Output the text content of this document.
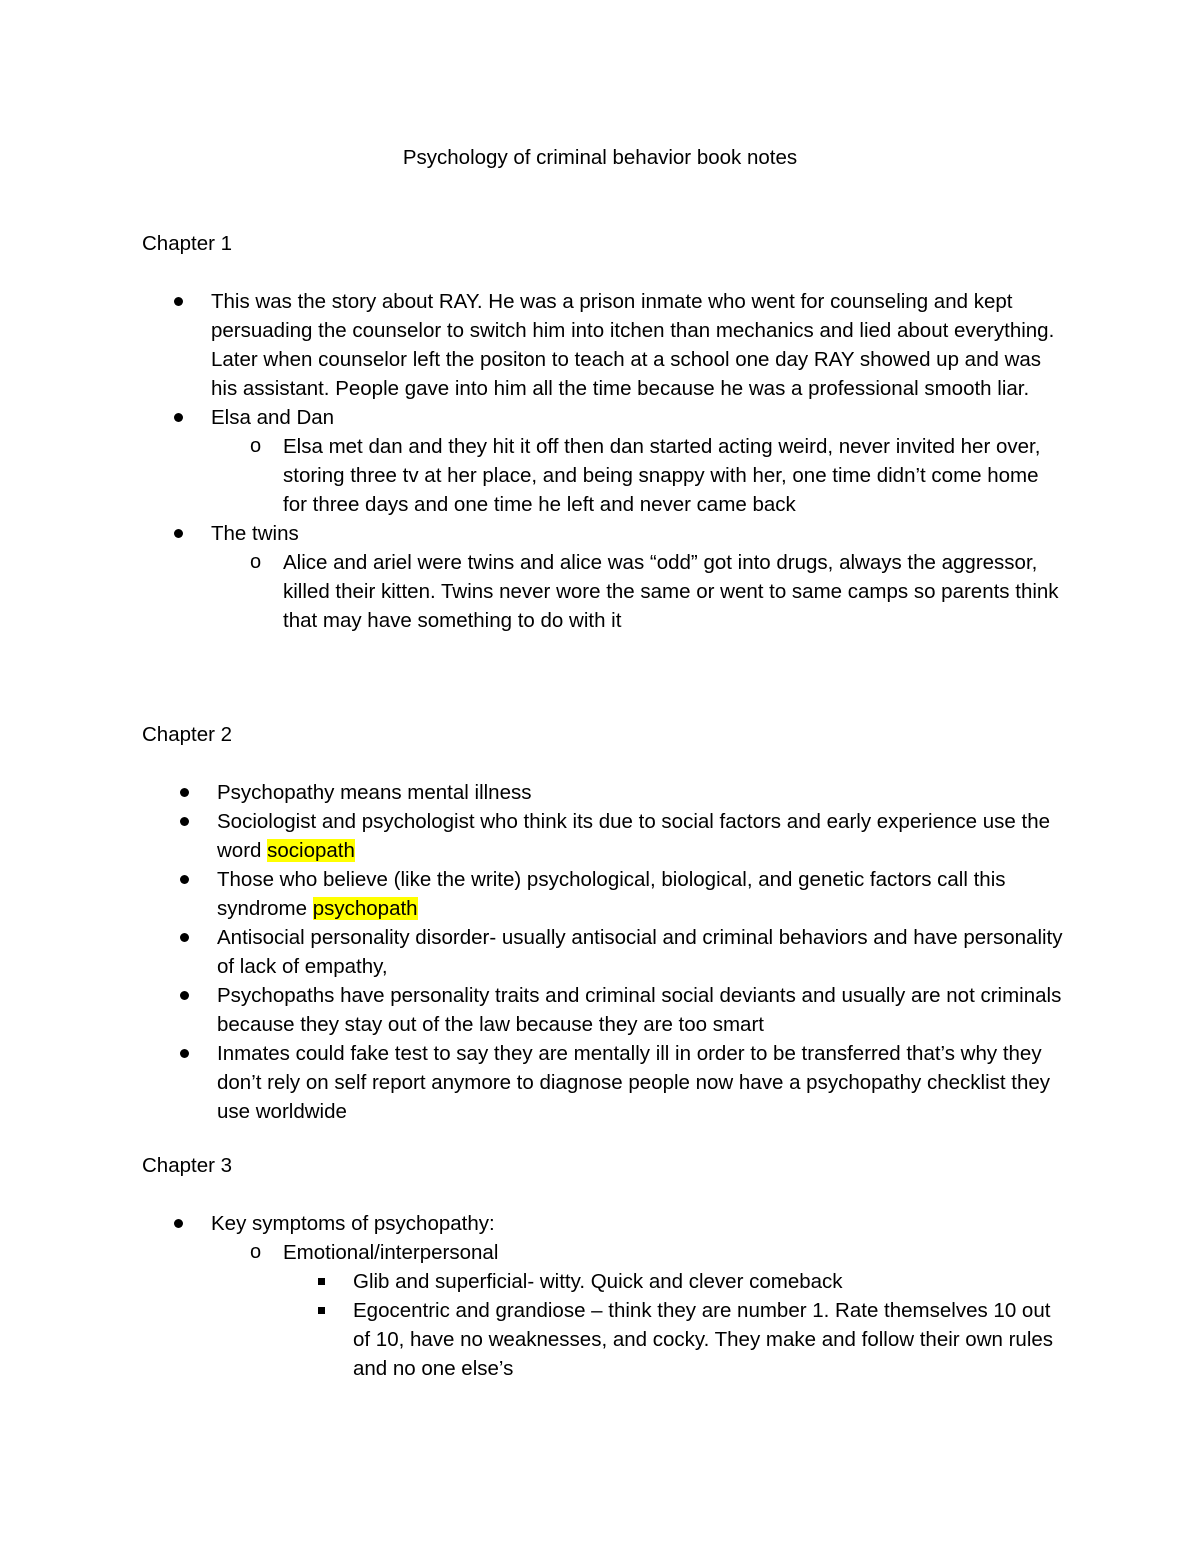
Psychology of criminal behavior book notes
Chapter 1
This was the story about RAY. He was a prison inmate who went for counseling and kept persuading the counselor to switch him into itchen than mechanics and lied about everything. Later when counselor left the positon to teach at a school one day RAY showed up and was his assistant. People gave into him all the time because he was a professional smooth liar.
Elsa and Dan
o Elsa met dan and they hit it off then dan started acting weird, never invited her over, storing three tv at her place, and being snappy with her, one time didn’t come home for three days and one time he left and never came back
The twins
o Alice and ariel were twins and alice was “odd” got into drugs, always the aggressor, killed their kitten. Twins never wore the same or went to same camps so parents think that may have something to do with it
Chapter 2
Psychopathy means mental illness
Sociologist and psychologist who think its due to social factors and early experience use the word sociopath
Those who believe (like the write) psychological, biological, and genetic factors call this syndrome psychopath
Antisocial personality disorder- usually antisocial and criminal behaviors and have personality of lack of empathy,
Psychopaths have personality traits and criminal social deviants and usually are not criminals because they stay out of the law because they are too smart
Inmates could fake test to say they are mentally ill in order to be transferred that’s why they don’t rely on self report anymore to diagnose people now have a psychopathy checklist they use worldwide
Chapter 3
Key symptoms of psychopathy:
o Emotional/interpersonal
Glib and superficial- witty. Quick and clever comeback
Egocentric and grandiose – think they are number 1. Rate themselves 10 out of 10, have no weaknesses, and cocky. They make and follow their own rules and no one else’s
